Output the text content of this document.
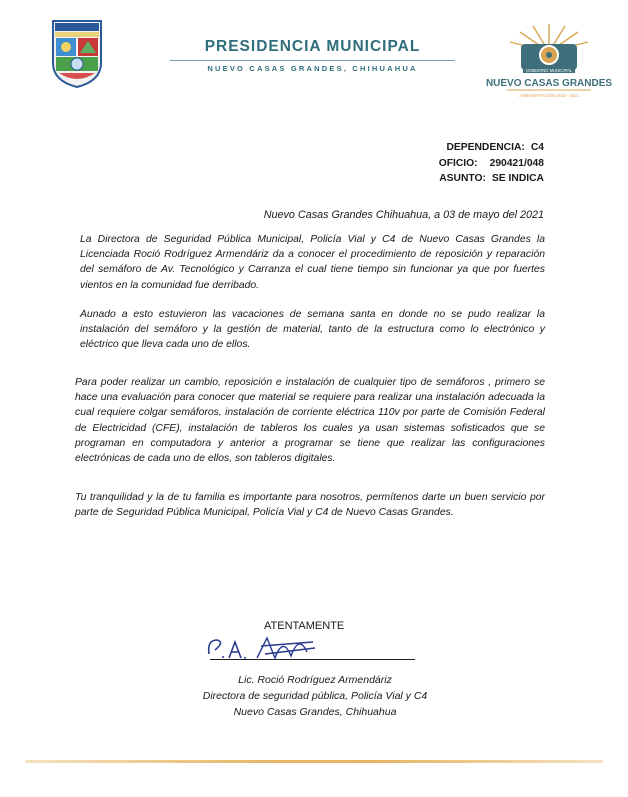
PRESIDENCIA MUNICIPAL
NUEVO CASAS GRANDES, CHIHUAHUA	GOBIERNO MUNICIPAL
NUEVO CASAS GRANDES
ADMINISTRACIÓN 2018 - 2021
DEPENDENCIA: C4
OFICIO: 290421/048
ASUNTO: SE INDICA
Nuevo Casas Grandes Chihuahua, a 03 de mayo del 2021

La Directora de Seguridad Pública Municipal, Policía Vial y C4 de Nuevo Casas Grandes la Licenciada Roció Rodríguez Armendáriz da a conocer el procedimiento de reposición y reparación del semáforo de Av. Tecnológico y Carranza el cual tiene tiempo sin funcionar ya que por fuertes vientos en la comunidad fue derribado.

Aunado a esto estuvieron las vacaciones de semana santa en donde no se pudo realizar la instalación del semáforo y la gestión de material, tanto de la estructura como lo electrónico y eléctrico que lleva cada uno de ellos.

Para poder realizar un cambio, reposición e instalación de cualquier tipo de semáforos , primero se hace una evaluación para conocer que material se requiere para realizar una instalación adecuada la cual requiere colgar semáforos, instalación de corriente eléctrica 110v por parte de Comisión Federal de Electricidad (CFE), instalación de tableros los cuales ya usan sistemas sofisticados que se programan en computadora y anterior a programar se tiene que realizar las configuraciones electrónicas de cada uno de ellos, son tableros digitales.

Tu tranquilidad y la de tu familia es importante para nosotros, permítenos darte un buen servicio por parte de Seguridad Pública Municipal, Policía Vial y C4 de Nuevo Casas Grandes.

ATENTAMENTE
Lic. Roció Rodríguez Armendáriz
Directora de seguridad pública, Policía Vial y C4
Nuevo Casas Grandes, Chihuahua
